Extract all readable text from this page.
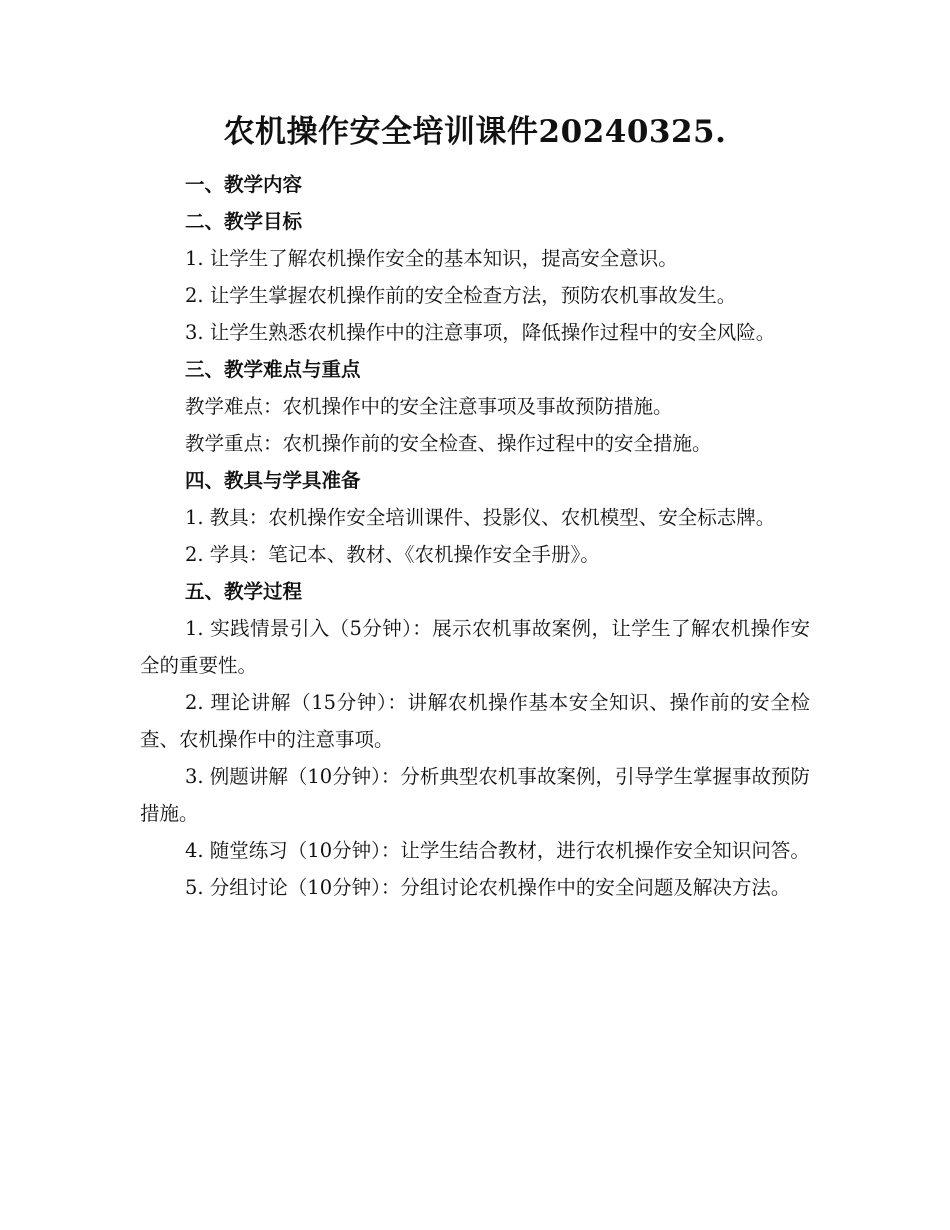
农机操作安全培训课件20240325.

一、教学内容

二、教学目标

1. 让学生了解农机操作安全的基本知识，提高安全意识。

2. 让学生掌握农机操作前的安全检查方法，预防农机事故发生。

3. 让学生熟悉农机操作中的注意事项，降低操作过程中的安全风险。

三、教学难点与重点

教学难点：农机操作中的安全注意事项及事故预防措施。

教学重点：农机操作前的安全检查、操作过程中的安全措施。

四、教具与学具准备

1. 教具：农机操作安全培训课件、投影仪、农机模型、安全标志牌。

2. 学具：笔记本、教材、《农机操作安全手册》。

五、教学过程

1. 实践情景引入（5分钟）：展示农机事故案例，让学生了解农机操作安全的重要性。

2. 理论讲解（15分钟）：讲解农机操作基本安全知识、操作前的安全检查、农机操作中的注意事项。

3. 例题讲解（10分钟）：分析典型农机事故案例，引导学生掌握事故预防措施。

4. 随堂练习（10分钟）：让学生结合教材，进行农机操作安全知识问答。

5. 分组讨论（10分钟）：分组讨论农机操作中的安全问题及解决方法。
